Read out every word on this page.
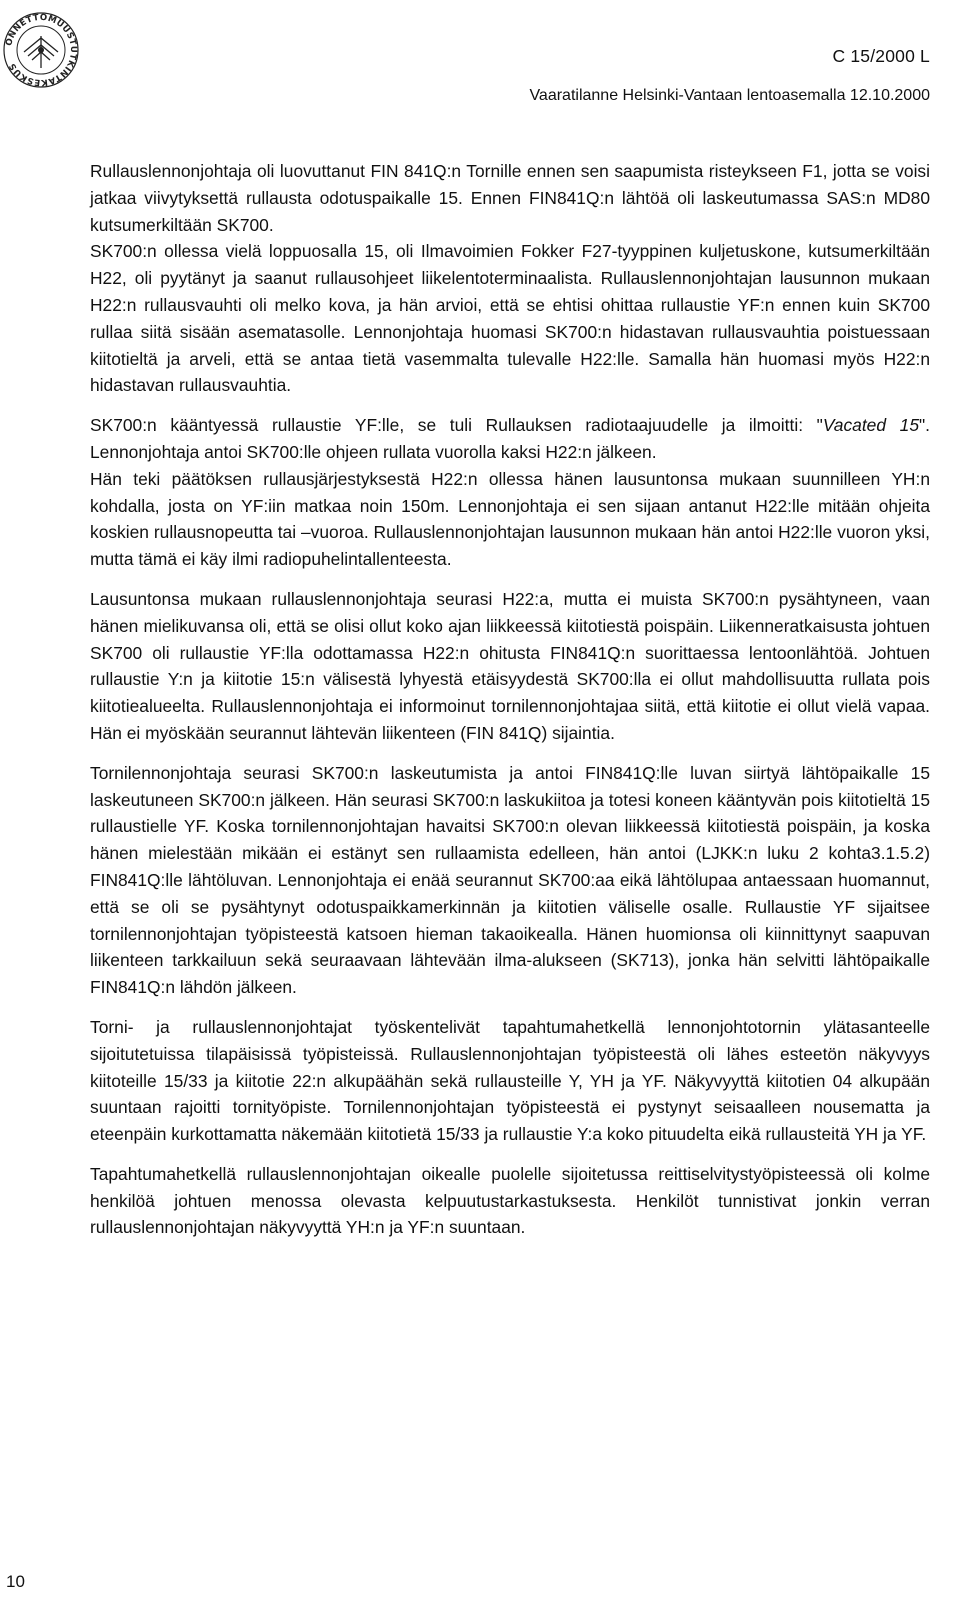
ONNETTOMUUSTUTKINTAKESKUS
C 15/2000 L
Vaaratilanne Helsinki-Vantaan lentoasemalla 12.10.2000

Rullauslennonjohtaja oli luovuttanut FIN 841Q:n Tornille ennen sen saapumista risteykseen F1, jotta se voisi jatkaa viivytyksettä rullausta odotuspaikalle 15. Ennen FIN841Q:n lähtöä oli laskeutumassa SAS:n MD80 kutsumerkiltään SK700.

SK700:n ollessa vielä loppuosalla 15, oli Ilmavoimien Fokker F27-tyyppinen kuljetuskone, kutsumerkiltään H22, oli pyytänyt ja saanut rullausohjeet liikelentoterminaalista. Rullauslennonjohtajan lausunnon mukaan H22:n rullausvauhti oli melko kova, ja hän arvioi, että se ehtisi ohittaa rullaustie YF:n ennen kuin SK700 rullaa siitä sisään asematasolle. Lennonjohtaja huomasi SK700:n hidastavan rullausvauhtia poistuessaan kiitotieltä ja arveli, että se antaa tietä vasemmalta tulevalle H22:lle. Samalla hän huomasi myös H22:n hidastavan rullausvauhtia.

SK700:n kääntyessä rullaustie YF:lle, se tuli Rullauksen radiotaajuudelle ja ilmoitti: "Vacated 15". Lennonjohtaja antoi SK700:lle ohjeen rullata vuorolla kaksi H22:n jälkeen.

Hän teki päätöksen rullausjärjestyksestä H22:n ollessa hänen lausuntonsa mukaan suunnilleen YH:n kohdalla, josta on YF:iin matkaa noin 150m. Lennonjohtaja ei sen sijaan antanut H22:lle mitään ohjeita koskien rullausnopeutta tai –vuoroa. Rullauslennonjohtajan lausunnon mukaan hän antoi H22:lle vuoron yksi, mutta tämä ei käy ilmi radiopuhelintallenteesta.

Lausuntonsa mukaan rullauslennonjohtaja seurasi H22:a, mutta ei muista SK700:n pysähtyneen, vaan hänen mielikuvansa oli, että se olisi ollut koko ajan liikkeessä kiitotiestä poispäin. Liikenneratkaisusta johtuen SK700 oli rullaustie YF:lla odottamassa H22:n ohitusta FIN841Q:n suorittaessa lentoonlähtöä. Johtuen rullaustie Y:n ja kiitotie 15:n välisestä lyhyestä etäisyydestä SK700:lla ei ollut mahdollisuutta rullata pois kiitotiealueelta. Rullauslennonjohtaja ei informoinut tornilennonjohtajaa siitä, että kiitotie ei ollut vielä vapaa. Hän ei myöskään seurannut lähtevän liikenteen (FIN 841Q) sijaintia.

Tornilennonjohtaja seurasi SK700:n laskeutumista ja antoi FIN841Q:lle luvan siirtyä lähtöpaikalle 15 laskeutuneen SK700:n jälkeen. Hän seurasi SK700:n laskukiitoa ja totesi koneen kääntyvän pois kiitotieltä 15 rullaustielle YF. Koska tornilennonjohtajan havaitsi SK700:n olevan liikkeessä kiitotiestä poispäin, ja koska hänen mielestään mikään ei estänyt sen rullaamista edelleen, hän antoi (LJKK:n luku 2 kohta3.1.5.2) FIN841Q:lle lähtöluvan. Lennonjohtaja ei enää seurannut SK700:aa eikä lähtölupaa antaessaan huomannut, että se oli se pysähtynyt odotuspaikkamerkinnän ja kiitotien väliselle osalle. Rullaustie YF sijaitsee tornilennonjohtajan työpisteestä katsoen hieman takaoikealla. Hänen huomionsa oli kiinnittynyt saapuvan liikenteen tarkkailuun sekä seuraavaan lähtevään ilma-alukseen (SK713), jonka hän selvitti lähtöpaikalle FIN841Q:n lähdön jälkeen.

Torni- ja rullauslennonjohtajat työskentelivät tapahtumahetkellä lennonjohtotornin ylätasanteelle sijoitutetuissa tilapäisissä työpisteissä. Rullauslennonjohtajan työpisteestä oli lähes esteetön näkyvyys kiitoteille 15/33 ja kiitotie 22:n alkupäähän sekä rullausteille Y, YH ja YF. Näkyvyyttä kiitotien 04 alkupään suuntaan rajoitti tornityöpiste. Tornilennonjohtajan työpisteestä ei pystynyt seisaalleen nousematta ja eteenpäin kurkottamatta näkemään kiitotietä 15/33 ja rullaustie Y:a koko pituudelta eikä rullausteitä YH ja YF.

Tapahtumahetkellä rullauslennonjohtajan oikealle puolelle sijoitetussa reittiselvitystyöpisteessä oli kolme henkilöä johtuen menossa olevasta kelpuutustarkastuksesta. Henkilöt tunnistivat jonkin verran rullauslennonjohtajan näkyvyyttä YH:n ja YF:n suuntaan.

10
